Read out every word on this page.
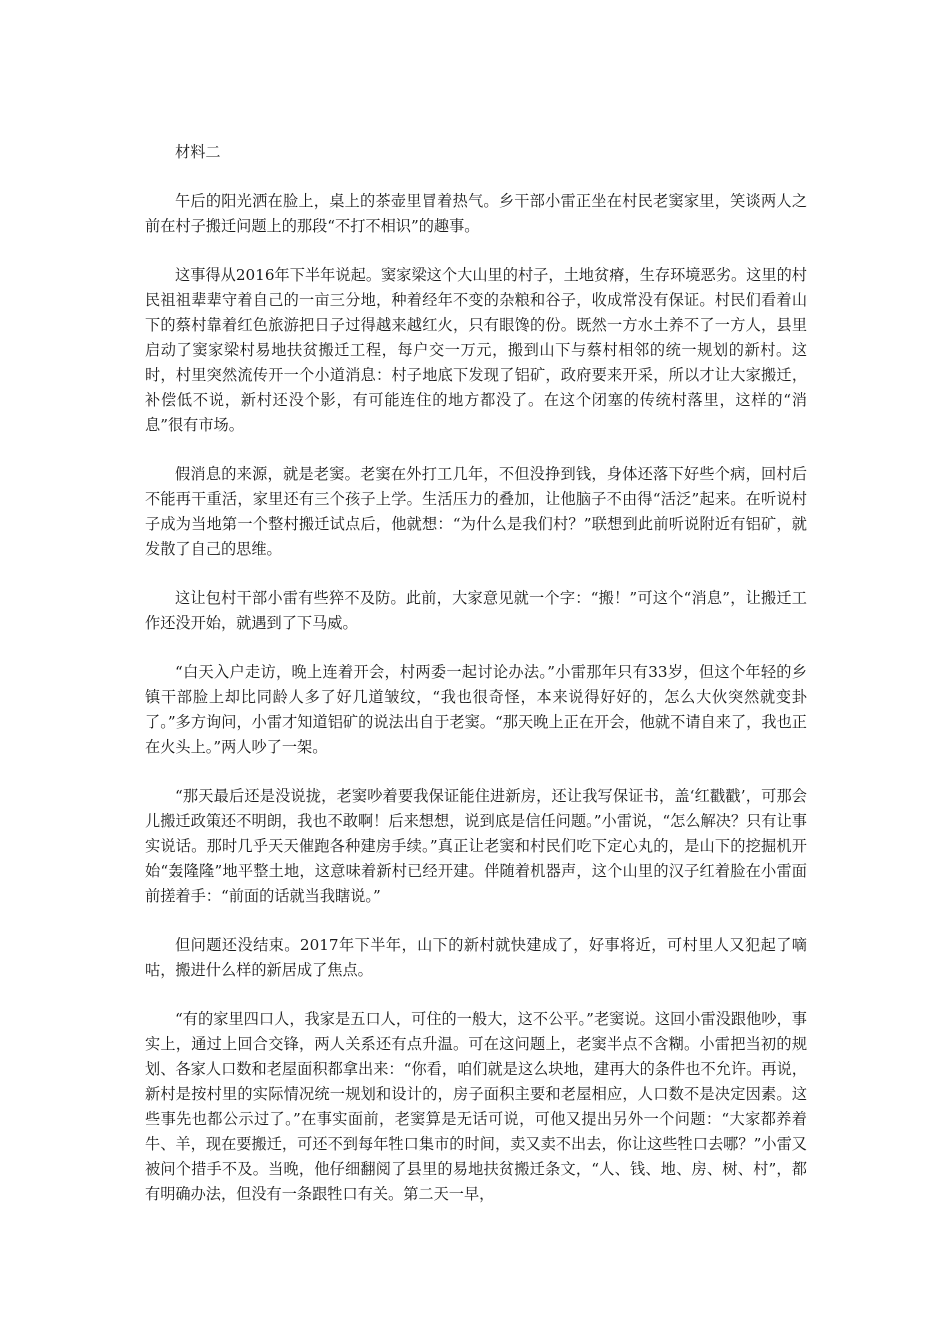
材料二

午后的阳光洒在脸上，桌上的茶壶里冒着热气。乡干部小雷正坐在村民老窦家里，笑谈两人之前在村子搬迁问题上的那段“不打不相识”的趣事。

这事得从2016年下半年说起。窦家梁这个大山里的村子，土地贫瘠，生存环境恶劣。这里的村民祖祖辈辈守着自己的一亩三分地，种着经年不变的杂粮和谷子，收成常没有保证。村民们看着山下的蔡村靠着红色旅游把日子过得越来越红火，只有眼馋的份。既然一方水土养不了一方人，县里启动了窦家梁村易地扶贫搬迁工程，每户交一万元，搬到山下与蔡村相邻的统一规划的新村。这时，村里突然流传开一个小道消息：村子地底下发现了铝矿，政府要来开采，所以才让大家搬迁，补偿低不说，新村还没个影，有可能连住的地方都没了。在这个闭塞的传统村落里，这样的“消息”很有市场。

假消息的来源，就是老窦。老窦在外打工几年，不但没挣到钱，身体还落下好些个病，回村后不能再干重活，家里还有三个孩子上学。生活压力的叠加，让他脑子不由得“活泛”起来。在听说村子成为当地第一个整村搬迁试点后，他就想：“为什么是我们村？”联想到此前听说附近有铝矿，就发散了自己的思维。

这让包村干部小雷有些猝不及防。此前，大家意见就一个字：“搬！”可这个“消息”，让搬迁工作还没开始，就遇到了下马威。

“白天入户走访，晚上连着开会，村两委一起讨论办法。”小雷那年只有33岁，但这个年轻的乡镇干部脸上却比同龄人多了好几道皱纹，“我也很奇怪，本来说得好好的，怎么大伙突然就变卦了。”多方询问，小雷才知道铝矿的说法出自于老窦。“那天晚上正在开会，他就不请自来了，我也正在火头上。”两人吵了一架。

“那天最后还是没说拢，老窦吵着要我保证能住进新房，还让我写保证书，盖‘红戳戳’，可那会儿搬迁政策还不明朗，我也不敢啊！后来想想，说到底是信任问题。”小雷说，“怎么解决？只有让事实说话。那时几乎天天催跑各种建房手续。”真正让老窦和村民们吃下定心丸的，是山下的挖掘机开始“轰隆隆”地平整土地，这意味着新村已经开建。伴随着机器声，这个山里的汉子红着脸在小雷面前搓着手：“前面的话就当我瞎说。”

但问题还没结束。2017年下半年，山下的新村就快建成了，好事将近，可村里人又犯起了嘀咕，搬进什么样的新居成了焦点。

“有的家里四口人，我家是五口人，可住的一般大，这不公平。”老窦说。这回小雷没跟他吵，事实上，通过上回合交锋，两人关系还有点升温。可在这问题上，老窦半点不含糊。小雷把当初的规划、各家人口数和老屋面积都拿出来：“你看，咱们就是这么块地，建再大的条件也不允许。再说，新村是按村里的实际情况统一规划和设计的，房子面积主要和老屋相应，人口数不是决定因素。这些事先也都公示过了。”在事实面前，老窦算是无话可说，可他又提出另外一个问题：“大家都养着牛、羊，现在要搬迁，可还不到每年牲口集市的时间，卖又卖不出去，你让这些牲口去哪？”小雷又被问个措手不及。当晚，他仔细翻阅了县里的易地扶贫搬迁条文，“人、钱、地、房、树、村”，都有明确办法，但没有一条跟牲口有关。第二天一早，
